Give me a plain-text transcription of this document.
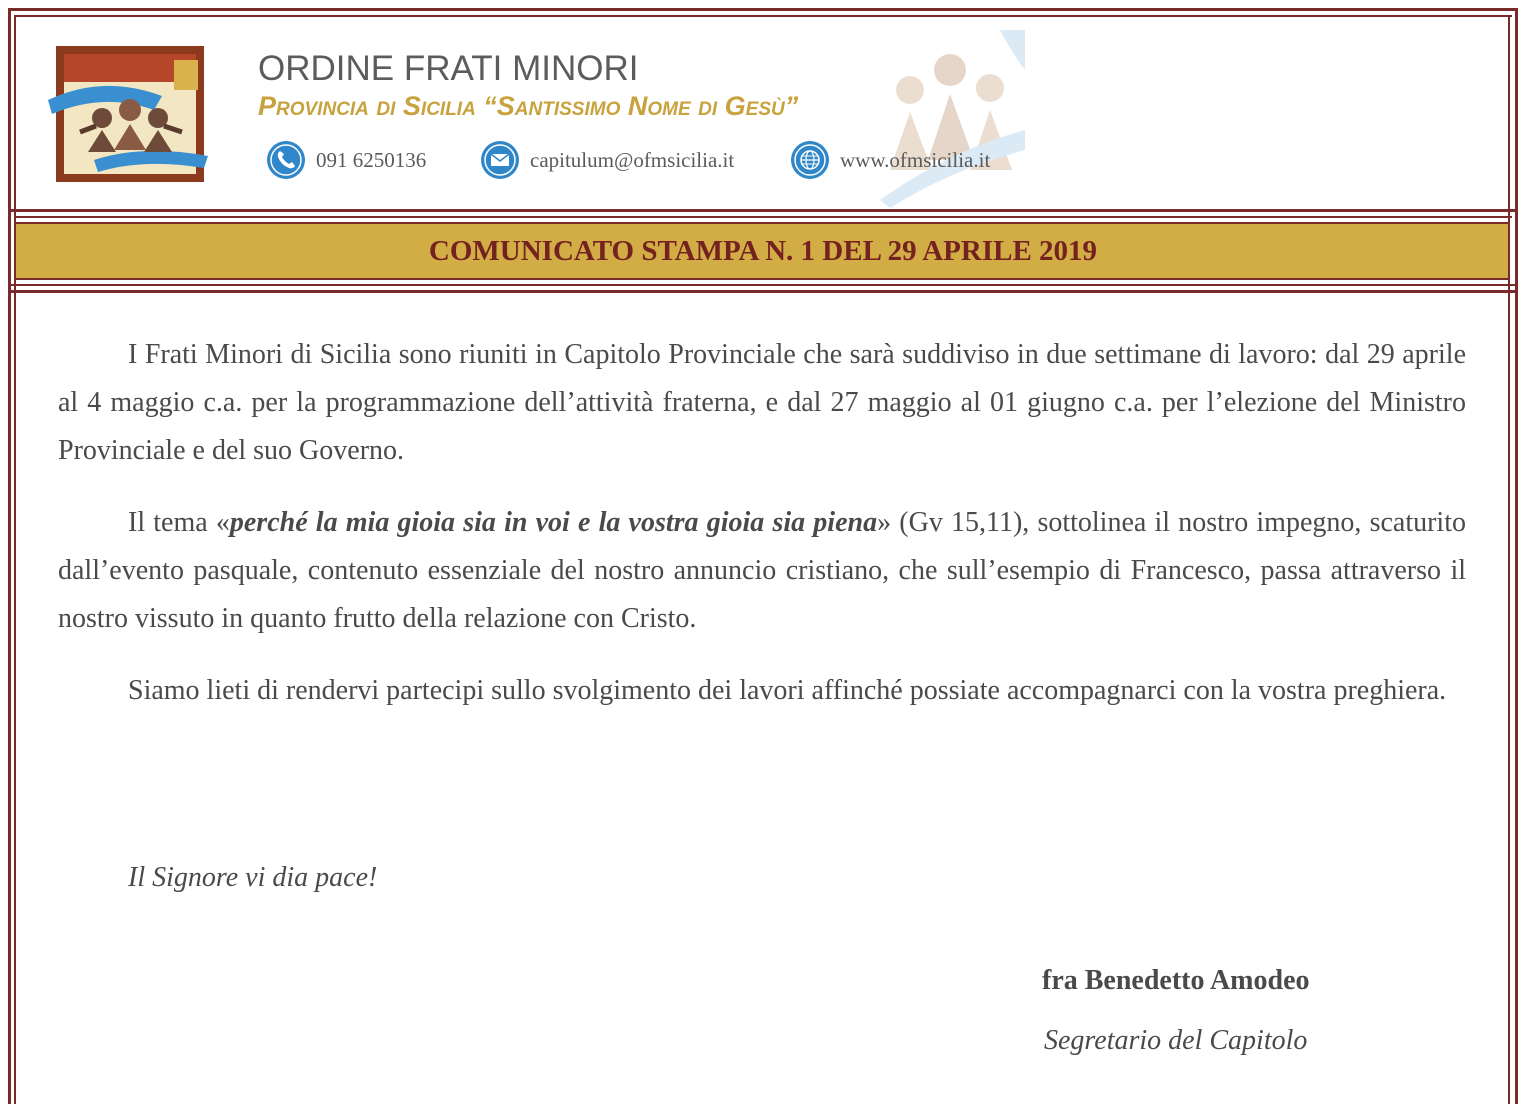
ORDINE FRATI MINORI
Provincia di Sicilia “Santissimo Nome di Gesù”
091 6250136	capitulum@ofmsicilia.it	www.ofmsicilia.it
COMUNICATO STAMPA N. 1 DEL 29 APRILE 2019

I Frati Minori di Sicilia sono riuniti in Capitolo Provinciale che sarà suddiviso in due settimane di lavoro: dal 29 aprile al 4 maggio c.a. per la programmazione dell’attività fraterna, e dal 27 maggio al 01 giugno c.a. per l’elezione del Ministro Provinciale e del suo Governo.

Il tema «perché la mia gioia sia in voi e la vostra gioia sia piena» (Gv 15,11), sottolinea il nostro impegno, scaturito dall’evento pasquale, contenuto essenziale del nostro annuncio cristiano, che sull’esempio di Francesco, passa attraverso il nostro vissuto in quanto frutto della relazione con Cristo.

Siamo lieti di rendervi partecipi sullo svolgimento dei lavori affinché possiate accompagnarci con la vostra preghiera.

Il Signore vi dia pace!

fra Benedetto Amodeo

Segretario del Capitolo
